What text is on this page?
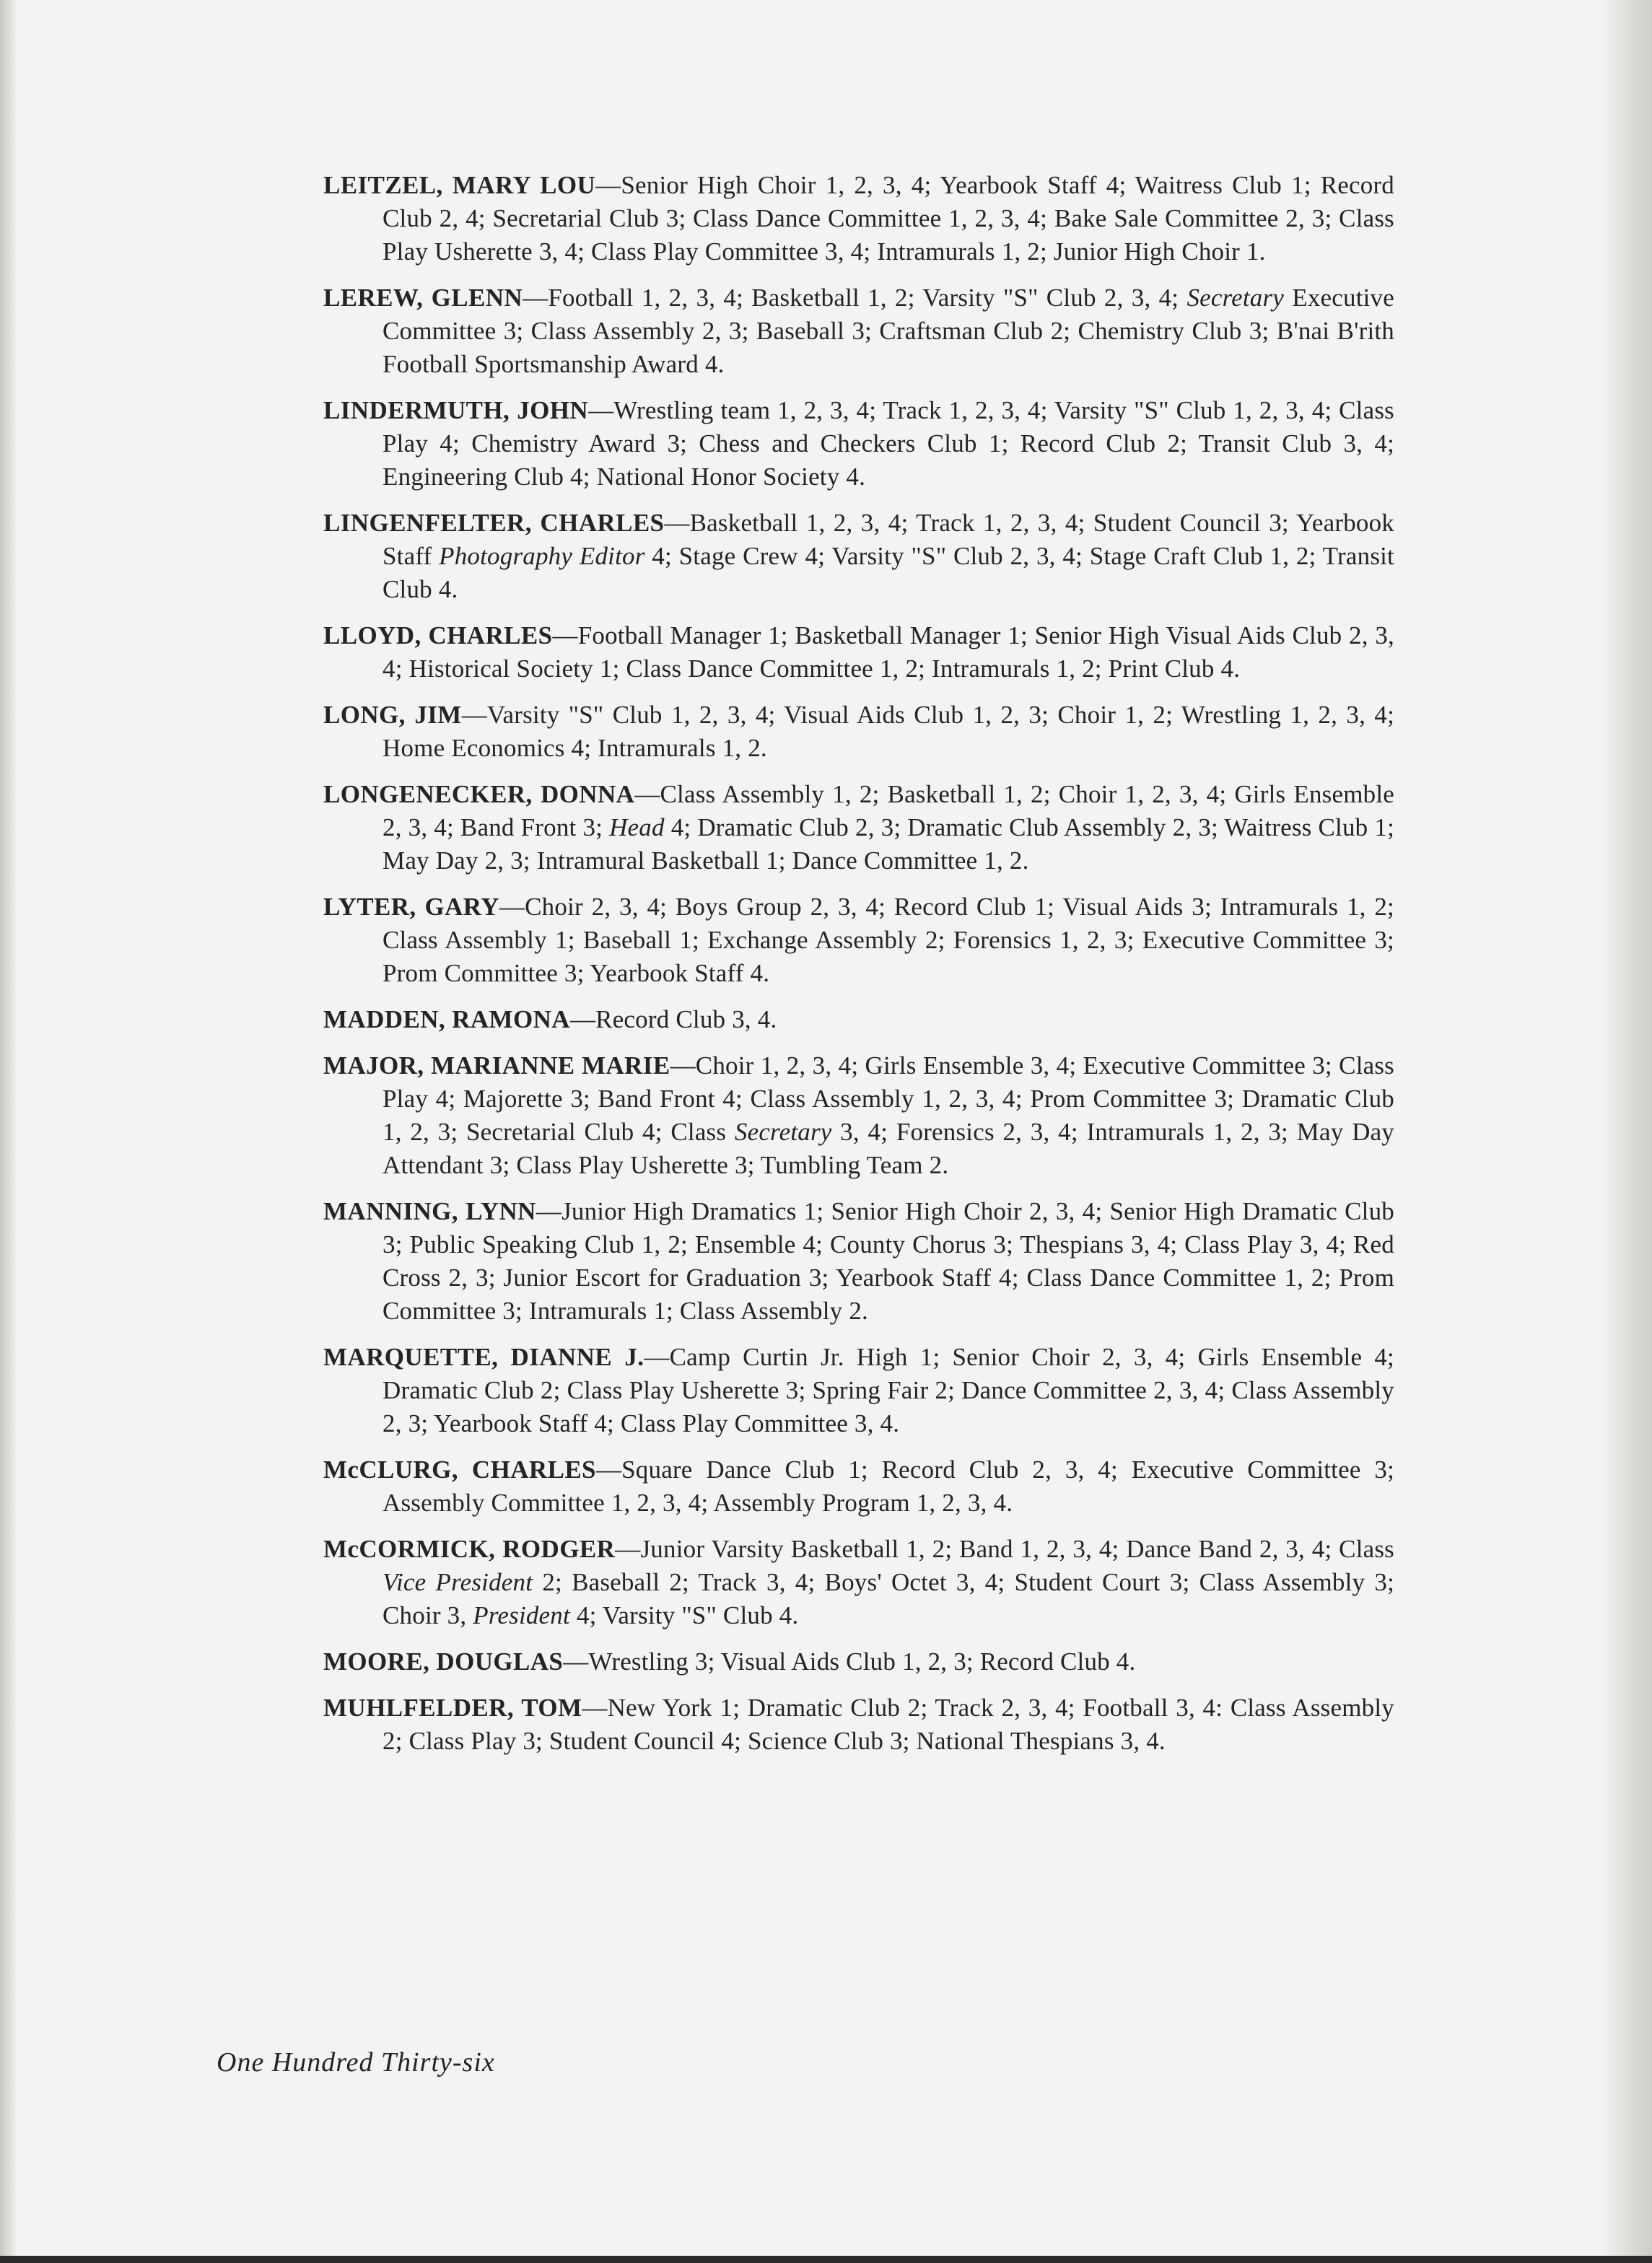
LEITZEL, MARY LOU—Senior High Choir 1, 2, 3, 4; Yearbook Staff 4; Waitress Club 1; Record Club 2, 4; Secretarial Club 3; Class Dance Committee 1, 2, 3, 4; Bake Sale Committee 2, 3; Class Play Usherette 3, 4; Class Play Committee 3, 4; Intramurals 1, 2; Junior High Choir 1.

LEREW, GLENN—Football 1, 2, 3, 4; Basketball 1, 2; Varsity "S" Club 2, 3, 4; Secretary Executive Committee 3; Class Assembly 2, 3; Baseball 3; Craftsman Club 2; Chemistry Club 3; B'nai B'rith Football Sportsmanship Award 4.

LINDERMUTH, JOHN—Wrestling team 1, 2, 3, 4; Track 1, 2, 3, 4; Varsity "S" Club 1, 2, 3, 4; Class Play 4; Chemistry Award 3; Chess and Checkers Club 1; Record Club 2; Transit Club 3, 4; Engineering Club 4; National Honor Society 4.

LINGENFELTER, CHARLES—Basketball 1, 2, 3, 4; Track 1, 2, 3, 4; Student Council 3; Yearbook Staff Photography Editor 4; Stage Crew 4; Varsity "S" Club 2, 3, 4; Stage Craft Club 1, 2; Transit Club 4.

LLOYD, CHARLES—Football Manager 1; Basketball Manager 1; Senior High Visual Aids Club 2, 3, 4; Historical Society 1; Class Dance Committee 1, 2; Intramurals 1, 2; Print Club 4.

LONG, JIM—Varsity "S" Club 1, 2, 3, 4; Visual Aids Club 1, 2, 3; Choir 1, 2; Wrestling 1, 2, 3, 4; Home Economics 4; Intramurals 1, 2.

LONGENECKER, DONNA—Class Assembly 1, 2; Basketball 1, 2; Choir 1, 2, 3, 4; Girls Ensemble 2, 3, 4; Band Front 3; Head 4; Dramatic Club 2, 3; Dramatic Club Assembly 2, 3; Waitress Club 1; May Day 2, 3; Intramural Basketball 1; Dance Committee 1, 2.

LYTER, GARY—Choir 2, 3, 4; Boys Group 2, 3, 4; Record Club 1; Visual Aids 3; Intramurals 1, 2; Class Assembly 1; Baseball 1; Exchange Assembly 2; Forensics 1, 2, 3; Executive Committee 3; Prom Committee 3; Yearbook Staff 4.

MADDEN, RAMONA—Record Club 3, 4.

MAJOR, MARIANNE MARIE—Choir 1, 2, 3, 4; Girls Ensemble 3, 4; Executive Committee 3; Class Play 4; Majorette 3; Band Front 4; Class Assembly 1, 2, 3, 4; Prom Committee 3; Dramatic Club 1, 2, 3; Secretarial Club 4; Class Secretary 3, 4; Forensics 2, 3, 4; Intramurals 1, 2, 3; May Day Attendant 3; Class Play Usherette 3; Tumbling Team 2.

MANNING, LYNN—Junior High Dramatics 1; Senior High Choir 2, 3, 4; Senior High Dramatic Club 3; Public Speaking Club 1, 2; Ensemble 4; County Chorus 3; Thespians 3, 4; Class Play 3, 4; Red Cross 2, 3; Junior Escort for Graduation 3; Yearbook Staff 4; Class Dance Committee 1, 2; Prom Committee 3; Intramurals 1; Class Assembly 2.

MARQUETTE, DIANNE J.—Camp Curtin Jr. High 1; Senior Choir 2, 3, 4; Girls Ensemble 4; Dramatic Club 2; Class Play Usherette 3; Spring Fair 2; Dance Committee 2, 3, 4; Class Assembly 2, 3; Yearbook Staff 4; Class Play Committee 3, 4.

McCLURG, CHARLES—Square Dance Club 1; Record Club 2, 3, 4; Executive Committee 3; Assembly Committee 1, 2, 3, 4; Assembly Program 1, 2, 3, 4.

McCORMICK, RODGER—Junior Varsity Basketball 1, 2; Band 1, 2, 3, 4; Dance Band 2, 3, 4; Class Vice President 2; Baseball 2; Track 3, 4; Boys' Octet 3, 4; Student Court 3; Class Assembly 3; Choir 3, President 4; Varsity "S" Club 4.

MOORE, DOUGLAS—Wrestling 3; Visual Aids Club 1, 2, 3; Record Club 4.

MUHLFELDER, TOM—New York 1; Dramatic Club 2; Track 2, 3, 4; Football 3, 4: Class Assembly 2; Class Play 3; Student Council 4; Science Club 3; National Thespians 3, 4.

One Hundred Thirty-six
